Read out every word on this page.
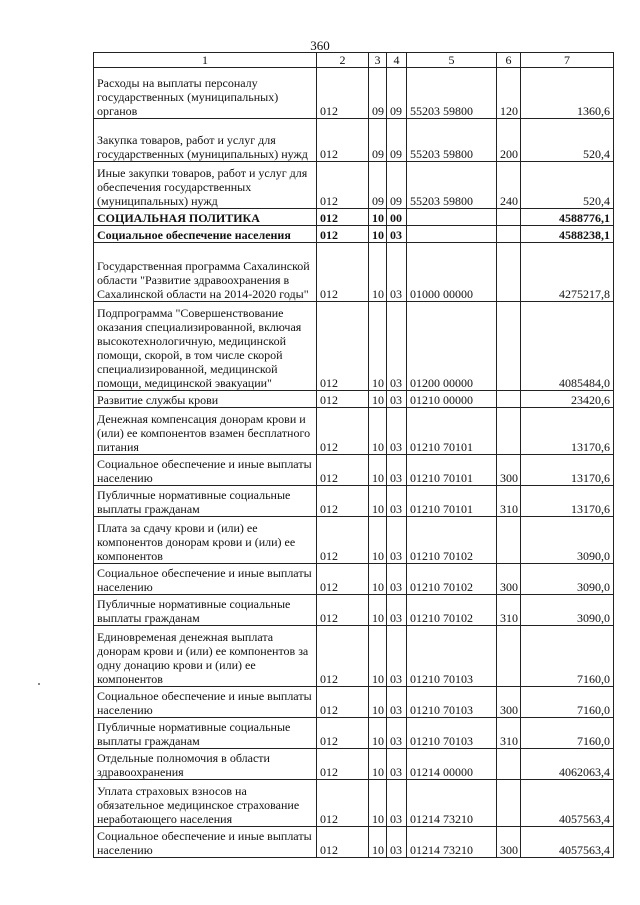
360
1	2	3	4	5	6	7
Расходы на выплаты персоналу государственных (муниципальных) органов	012	09	09	55203 59800	120	1360,6
Закупка товаров, работ и услуг для государственных (муниципальных) нужд	012	09	09	55203 59800	200	520,4
Иные закупки товаров, работ и услуг для обеспечения государственных (муниципальных) нужд	012	09	09	55203 59800	240	520,4
СОЦИАЛЬНАЯ ПОЛИТИКА	012	10	00			4588776,1
Социальное обеспечение населения	012	10	03			4588238,1
Государственная программа Сахалинской области "Развитие здравоохранения в Сахалинской области на 2014-2020 годы"	012	10	03	01000 00000		4275217,8
Подпрограмма "Совершенствование оказания специализированной, включая высокотехнологичную, медицинской помощи, скорой, в том числе скорой специализированной, медицинской помощи, медицинской эвакуации"	012	10	03	01200 00000		4085484,0
Развитие службы крови	012	10	03	01210 00000		23420,6
Денежная компенсация донорам крови и (или) ее компонентов взамен бесплатного питания	012	10	03	01210 70101		13170,6
Социальное обеспечение и иные выплаты населению	012	10	03	01210 70101	300	13170,6
Публичные нормативные социальные выплаты гражданам	012	10	03	01210 70101	310	13170,6
Плата за сдачу крови и (или) ее компонентов донорам крови и (или) ее компонентов	012	10	03	01210 70102		3090,0
Социальное обеспечение и иные выплаты населению	012	10	03	01210 70102	300	3090,0
Публичные нормативные социальные выплаты гражданам	012	10	03	01210 70102	310	3090,0
Единовременая денежная выплата донорам крови и (или) ее компонентов за одну донацию крови и (или) ее компонентов	012	10	03	01210 70103		7160,0
Социальное обеспечение и иные выплаты населению	012	10	03	01210 70103	300	7160,0
Публичные нормативные социальные выплаты гражданам	012	10	03	01210 70103	310	7160,0
Отдельные полномочия в области здравоохранения	012	10	03	01214 00000		4062063,4
Уплата страховых взносов на обязательное медицинское страхование неработающего населения	012	10	03	01214 73210		4057563,4
Социальное обеспечение и иные выплаты населению	012	10	03	01214 73210	300	4057563,4
